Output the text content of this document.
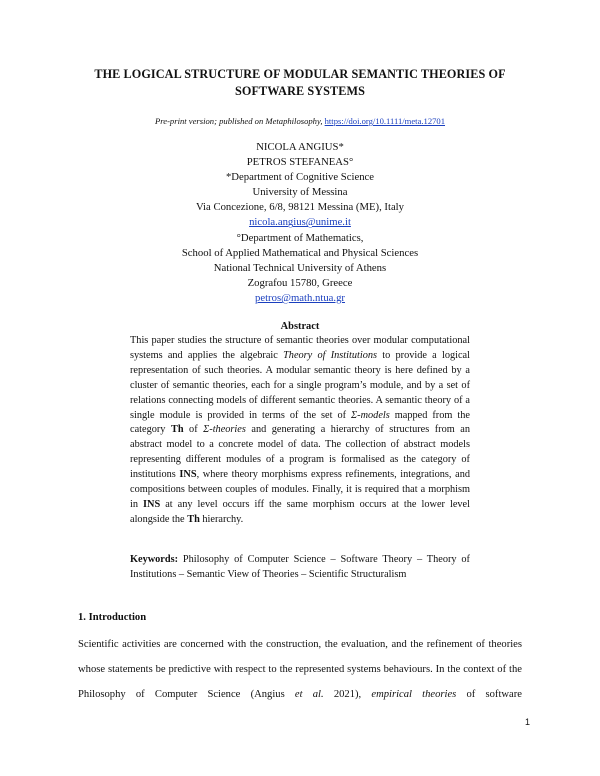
THE LOGICAL STRUCTURE OF MODULAR SEMANTIC THEORIES OF SOFTWARE SYSTEMS
Pre-print version; published on Metaphilosophy, https://doi.org/10.1111/meta.12701
NICOLA ANGIUS*
PETROS STEFANEAS°
*Department of Cognitive Science
University of Messina
Via Concezione, 6/8, 98121 Messina (ME), Italy
nicola.angius@unime.it
°Department of Mathematics,
School of Applied Mathematical and Physical Sciences
National Technical University of Athens
Zografou 15780, Greece
petros@math.ntua.gr
Abstract
This paper studies the structure of semantic theories over modular computational systems and applies the algebraic Theory of Institutions to provide a logical representation of such theories. A modular semantic theory is here defined by a cluster of semantic theories, each for a single program’s module, and by a set of relations connecting models of different semantic theories. A semantic theory of a single module is provided in terms of the set of Σ-models mapped from the category Th of Σ-theories and generating a hierarchy of structures from an abstract model to a concrete model of data. The collection of abstract models representing different modules of a program is formalised as the category of institutions INS, where theory morphisms express refinements, integrations, and compositions between couples of modules. Finally, it is required that a morphism in INS at any level occurs iff the same morphism occurs at the lower level alongside the Th hierarchy.
Keywords: Philosophy of Computer Science – Software Theory – Theory of Institutions – Semantic View of Theories – Scientific Structuralism
1. Introduction
Scientific activities are concerned with the construction, the evaluation, and the refinement of theories whose statements be predictive with respect to the represented systems behaviours. In the context of the Philosophy of Computer Science (Angius et al. 2021), empirical theories of software
1
